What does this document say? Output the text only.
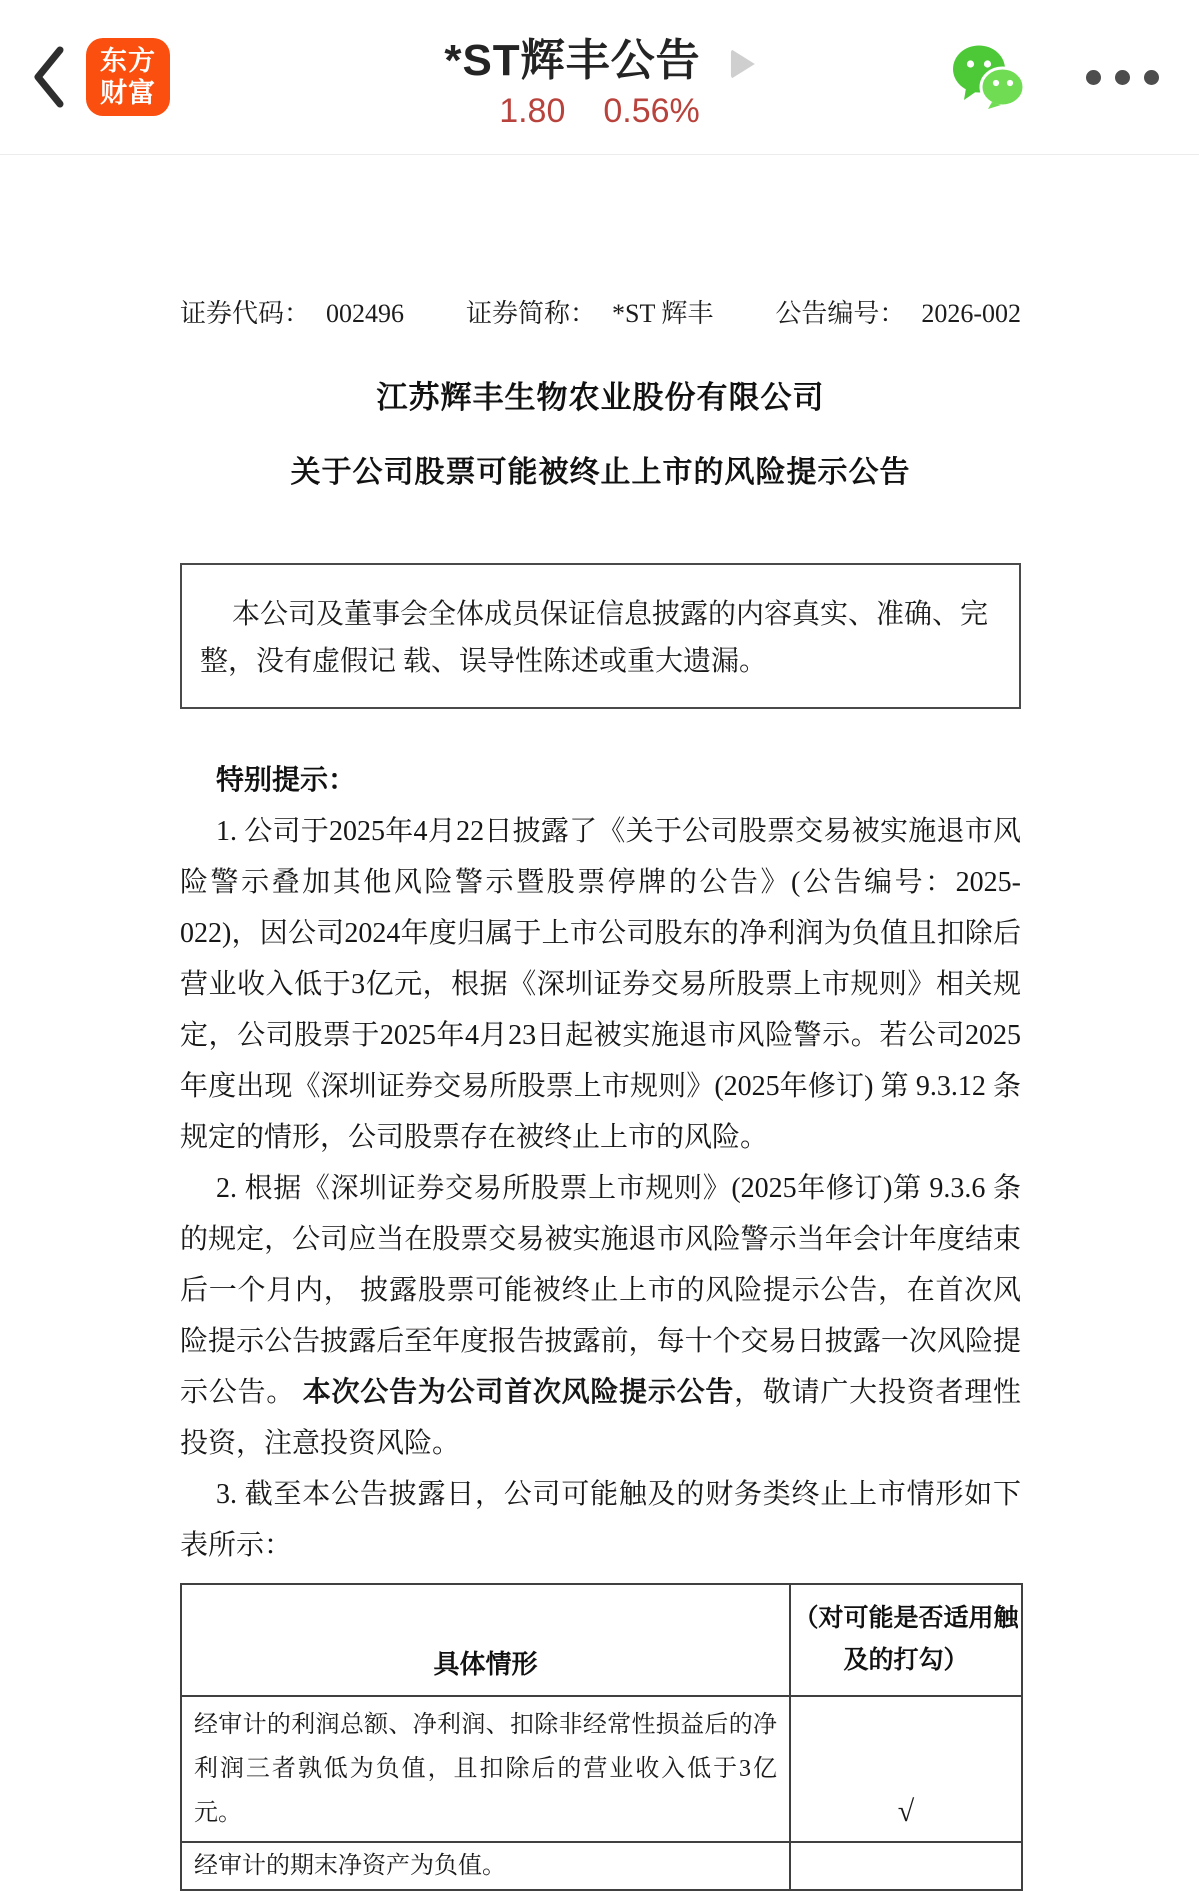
东方
财富
*ST辉丰公告
1.80 0.56%
证券代码： 002496 证券简称： *ST 辉丰 公告编号： 2026-002
江苏辉丰生物农业股份有限公司
关于公司股票可能被终止上市的风险提示公告
本公司及董事会全体成员保证信息披露的内容真实、准确、完整，没有虚假记 载、误导性陈述或重大遗漏。

特别提示：

1. 公司于2025年4月22日披露了《关于公司股票交易被实施退市风险警示叠加其他风险警示暨股票停牌的公告》(公告编号：2025-022)，因公司2024年度归属于上市公司股东的净利润为负值且扣除后营业收入低于3亿元，根据《深圳证券交易所股票上市规则》相关规定，公司股票于2025年4月23日起被实施退市风险警示。若公司2025年度出现《深圳证券交易所股票上市规则》(2025年修订) 第 9.3.12 条规定的情形，公司股票存在被终止上市的风险。

2. 根据《深圳证券交易所股票上市规则》(2025年修订)第 9.3.6 条的规定，公司应当在股票交易被实施退市风险警示当年会计年度结束后一个月内， 披露股票可能被终止上市的风险提示公告，在首次风险提示公告披露后至年度报告披露前，每十个交易日披露一次风险提示公告。 本次公告为公司首次风险提示公告，敬请广大投资者理性投资，注意投资风险。

3. 截至本公告披露日，公司可能触及的财务类终止上市情形如下表所示：

具体情形	（对可能是否适用触及的打勾）
经审计的利润总额、净利润、扣除非经常性损益后的净利润三者孰低为负值，且扣除后的营业收入低于3亿元。	√
经审计的期末净资产为负值。	
